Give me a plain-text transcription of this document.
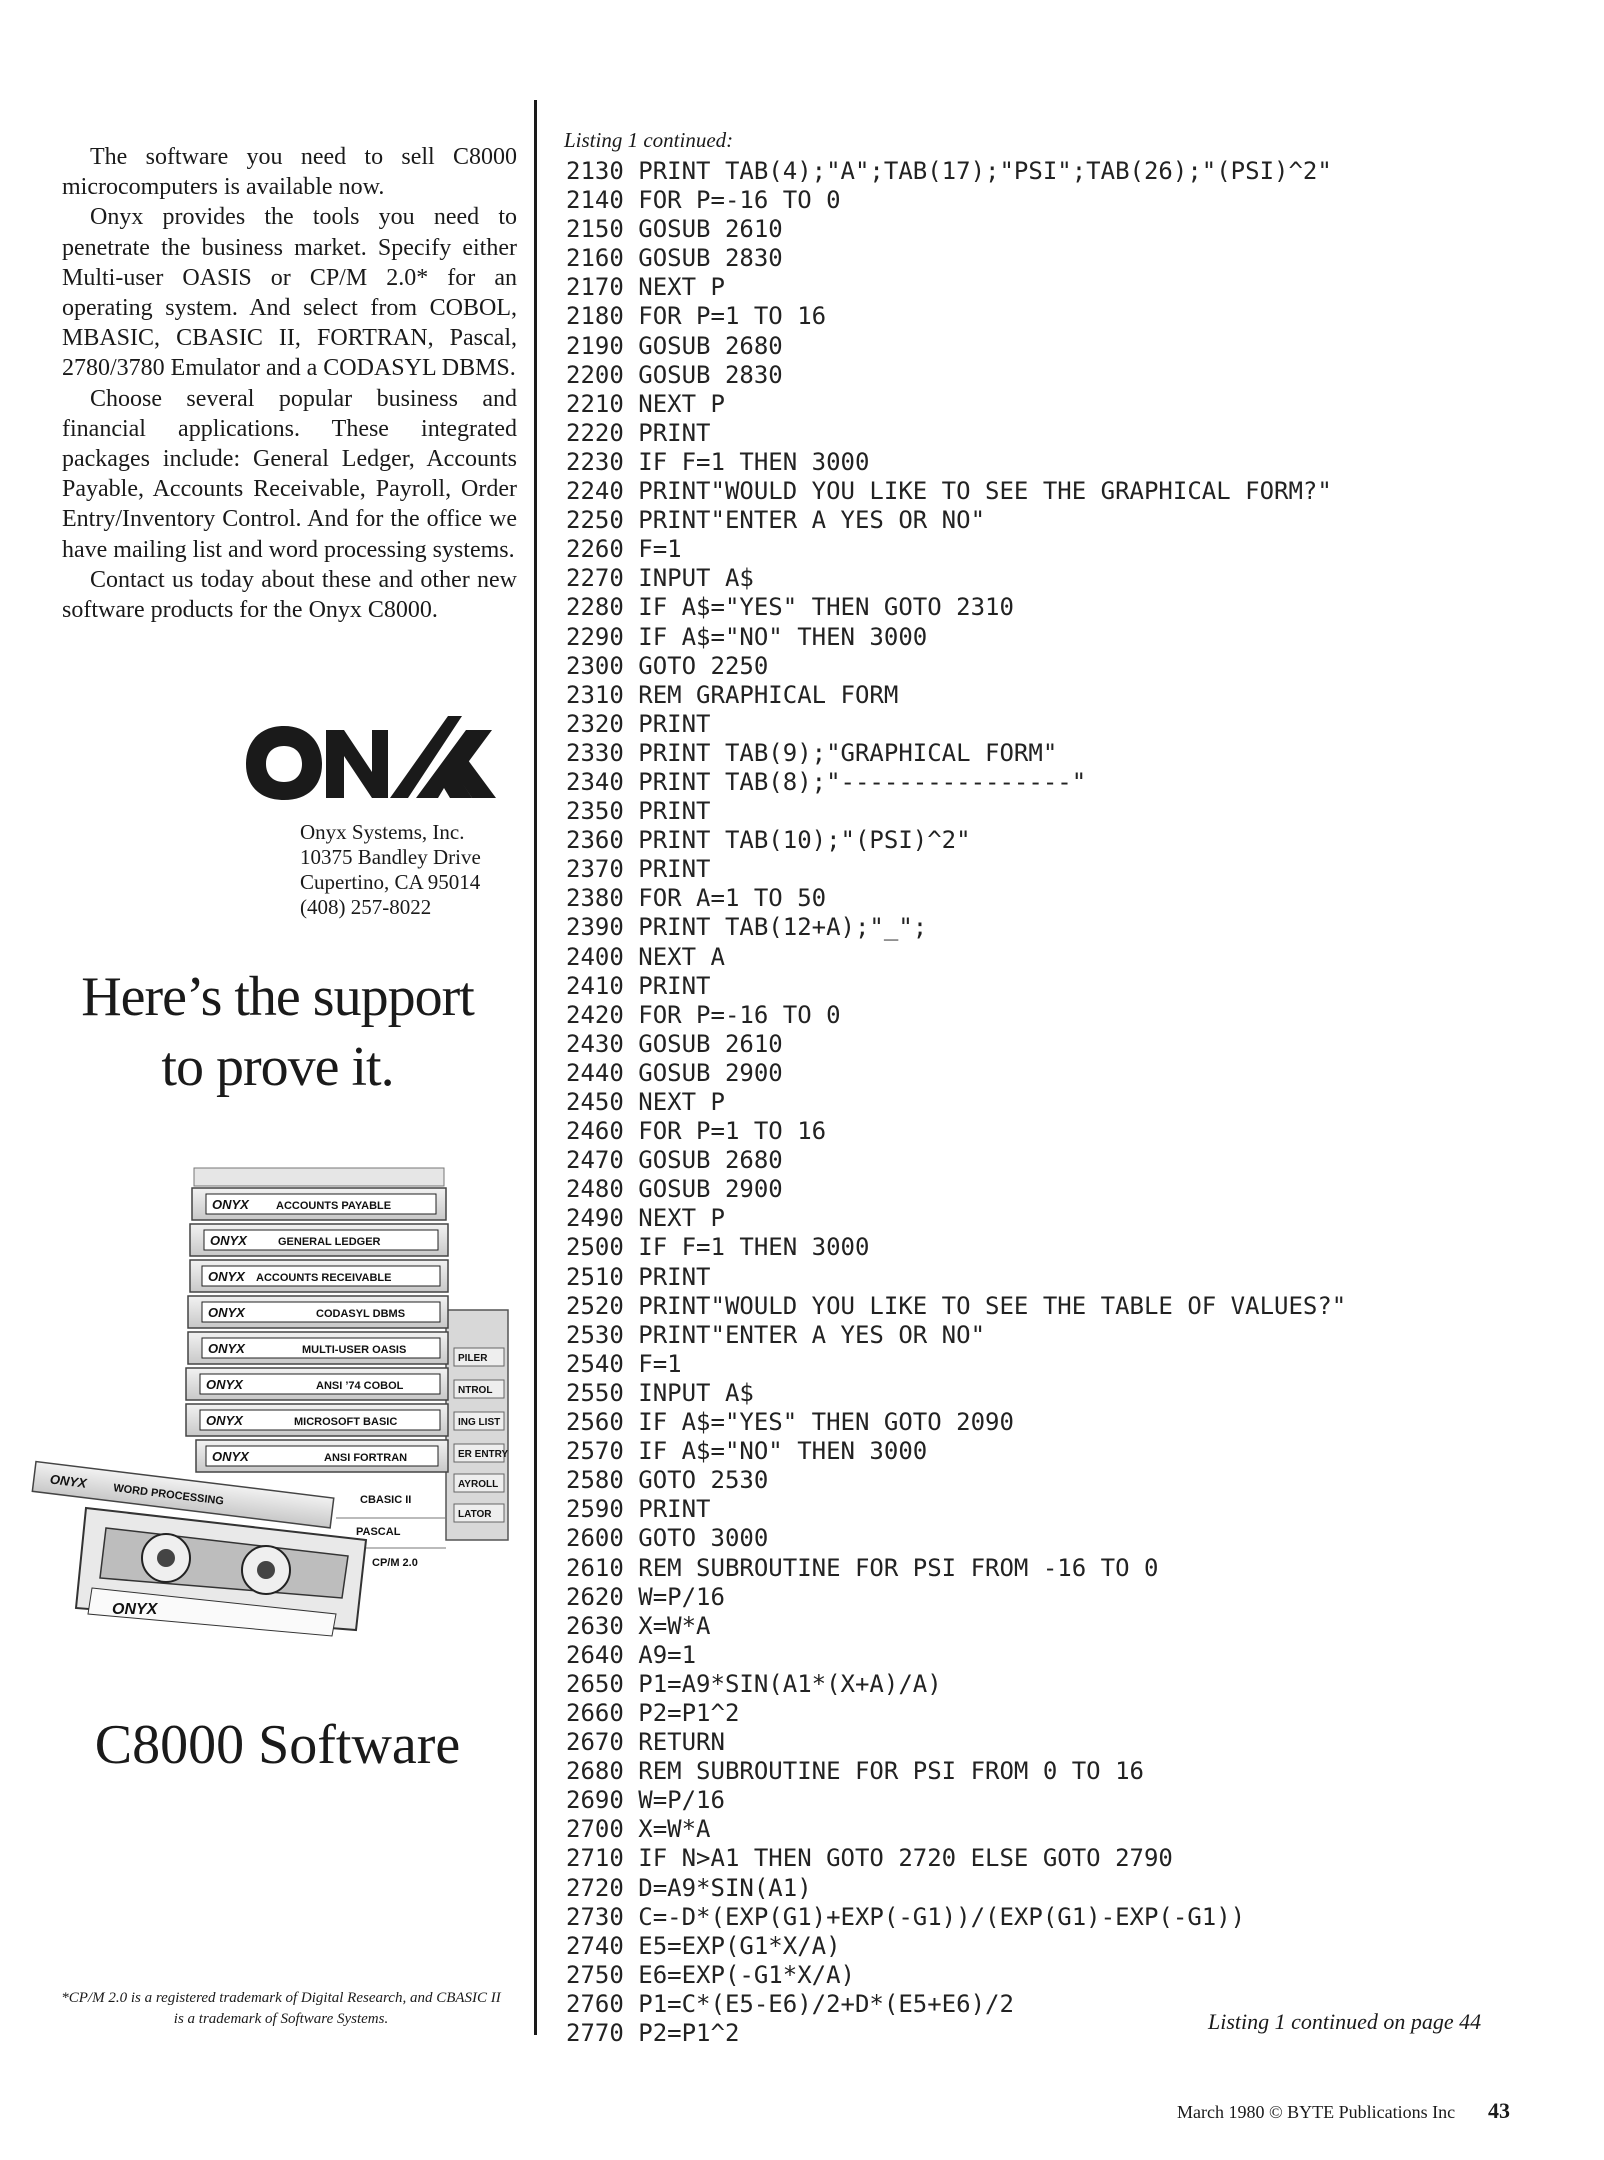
The software you need to sell C8000 microcomputers is available now.

Onyx provides the tools you need to penetrate the business market. Specify either Multi-user OASIS or CP/M 2.0* for an operating system. And select from COBOL, MBASIC, CBASIC II, FORTRAN, Pascal, 2780/3780 Emulator and a CODASYL DBMS.

Choose several popular business and financial applications. These integrated packages include: General Ledger, Accounts Payable, Accounts Receivable, Payroll, Order Entry/Inventory Control. And for the office we have mailing list and word processing systems.

Contact us today about these and other new software products for the Onyx C8000.

Onyx Systems, Inc.
10375 Bandley Drive
Cupertino, CA 95014
(408) 257-8022
Here’s the support
to prove it.
PILER
NTROL
ING LIST
ER ENTRY
AYROLL
LATOR
ONYX ACCOUNTS PAYABLE
ONYX	GENERAL LEDGER
ONYX ACCOUNTS RECEIVABLE
ONYX	CODASYL DBMS
ONYX	MULTI-USER OASIS
ONYX	ANSI ’74 COBOL
ONYX	MICROSOFT BASIC
ONYX	ANSI FORTRAN
ONYX
WORD PROCESSING	CBASIC II
PASCAL
CP/M 2.0
ONYX
C8000 Software
*CP/M 2.0 is a registered trademark of Digital Research, and CBASIC II is a trademark of Software Systems.
Listing 1 continued:
2130 PRINT TAB(4);"A";TAB(17);"PSI";TAB(26);"(PSI)^2"
2140 FOR P=-16 TO 0
2150 GOSUB 2610
2160 GOSUB 2830
2170 NEXT P
2180 FOR P=1 TO 16
2190 GOSUB 2680
2200 GOSUB 2830
2210 NEXT P
2220 PRINT
2230 IF F=1 THEN 3000
2240 PRINT"WOULD YOU LIKE TO SEE THE GRAPHICAL FORM?"
2250 PRINT"ENTER A YES OR NO"
2260 F=1
2270 INPUT A$
2280 IF A$="YES" THEN GOTO 2310
2290 IF A$="NO" THEN 3000
2300 GOTO 2250
2310 REM GRAPHICAL FORM
2320 PRINT
2330 PRINT TAB(9);"GRAPHICAL FORM"
2340 PRINT TAB(8);"----------------"
2350 PRINT
2360 PRINT TAB(10);"(PSI)^2"
2370 PRINT
2380 FOR A=1 TO 50
2390 PRINT TAB(12+A);"_";
2400 NEXT A
2410 PRINT
2420 FOR P=-16 TO 0
2430 GOSUB 2610
2440 GOSUB 2900
2450 NEXT P
2460 FOR P=1 TO 16
2470 GOSUB 2680
2480 GOSUB 2900
2490 NEXT P
2500 IF F=1 THEN 3000
2510 PRINT
2520 PRINT"WOULD YOU LIKE TO SEE THE TABLE OF VALUES?"
2530 PRINT"ENTER A YES OR NO"
2540 F=1
2550 INPUT A$
2560 IF A$="YES" THEN GOTO 2090
2570 IF A$="NO" THEN 3000
2580 GOTO 2530
2590 PRINT
2600 GOTO 3000
2610 REM SUBROUTINE FOR PSI FROM -16 TO 0
2620 W=P/16
2630 X=W*A
2640 A9=1
2650 P1=A9*SIN(A1*(X+A)/A)
2660 P2=P1^2
2670 RETURN
2680 REM SUBROUTINE FOR PSI FROM 0 TO 16
2690 W=P/16
2700 X=W*A
2710 IF N>A1 THEN GOTO 2720 ELSE GOTO 2790
2720 D=A9*SIN(A1)
2730 C=-D*(EXP(G1)+EXP(-G1))/(EXP(G1)-EXP(-G1))
2740 E5=EXP(G1*X/A)
2750 E6=EXP(-G1*X/A)
2760 P1=C*(E5-E6)/2+D*(E5+E6)/2
2770 P2=P1^2	Listing 1 continued on page 44
March 1980 © BYTE Publications Inc 43
